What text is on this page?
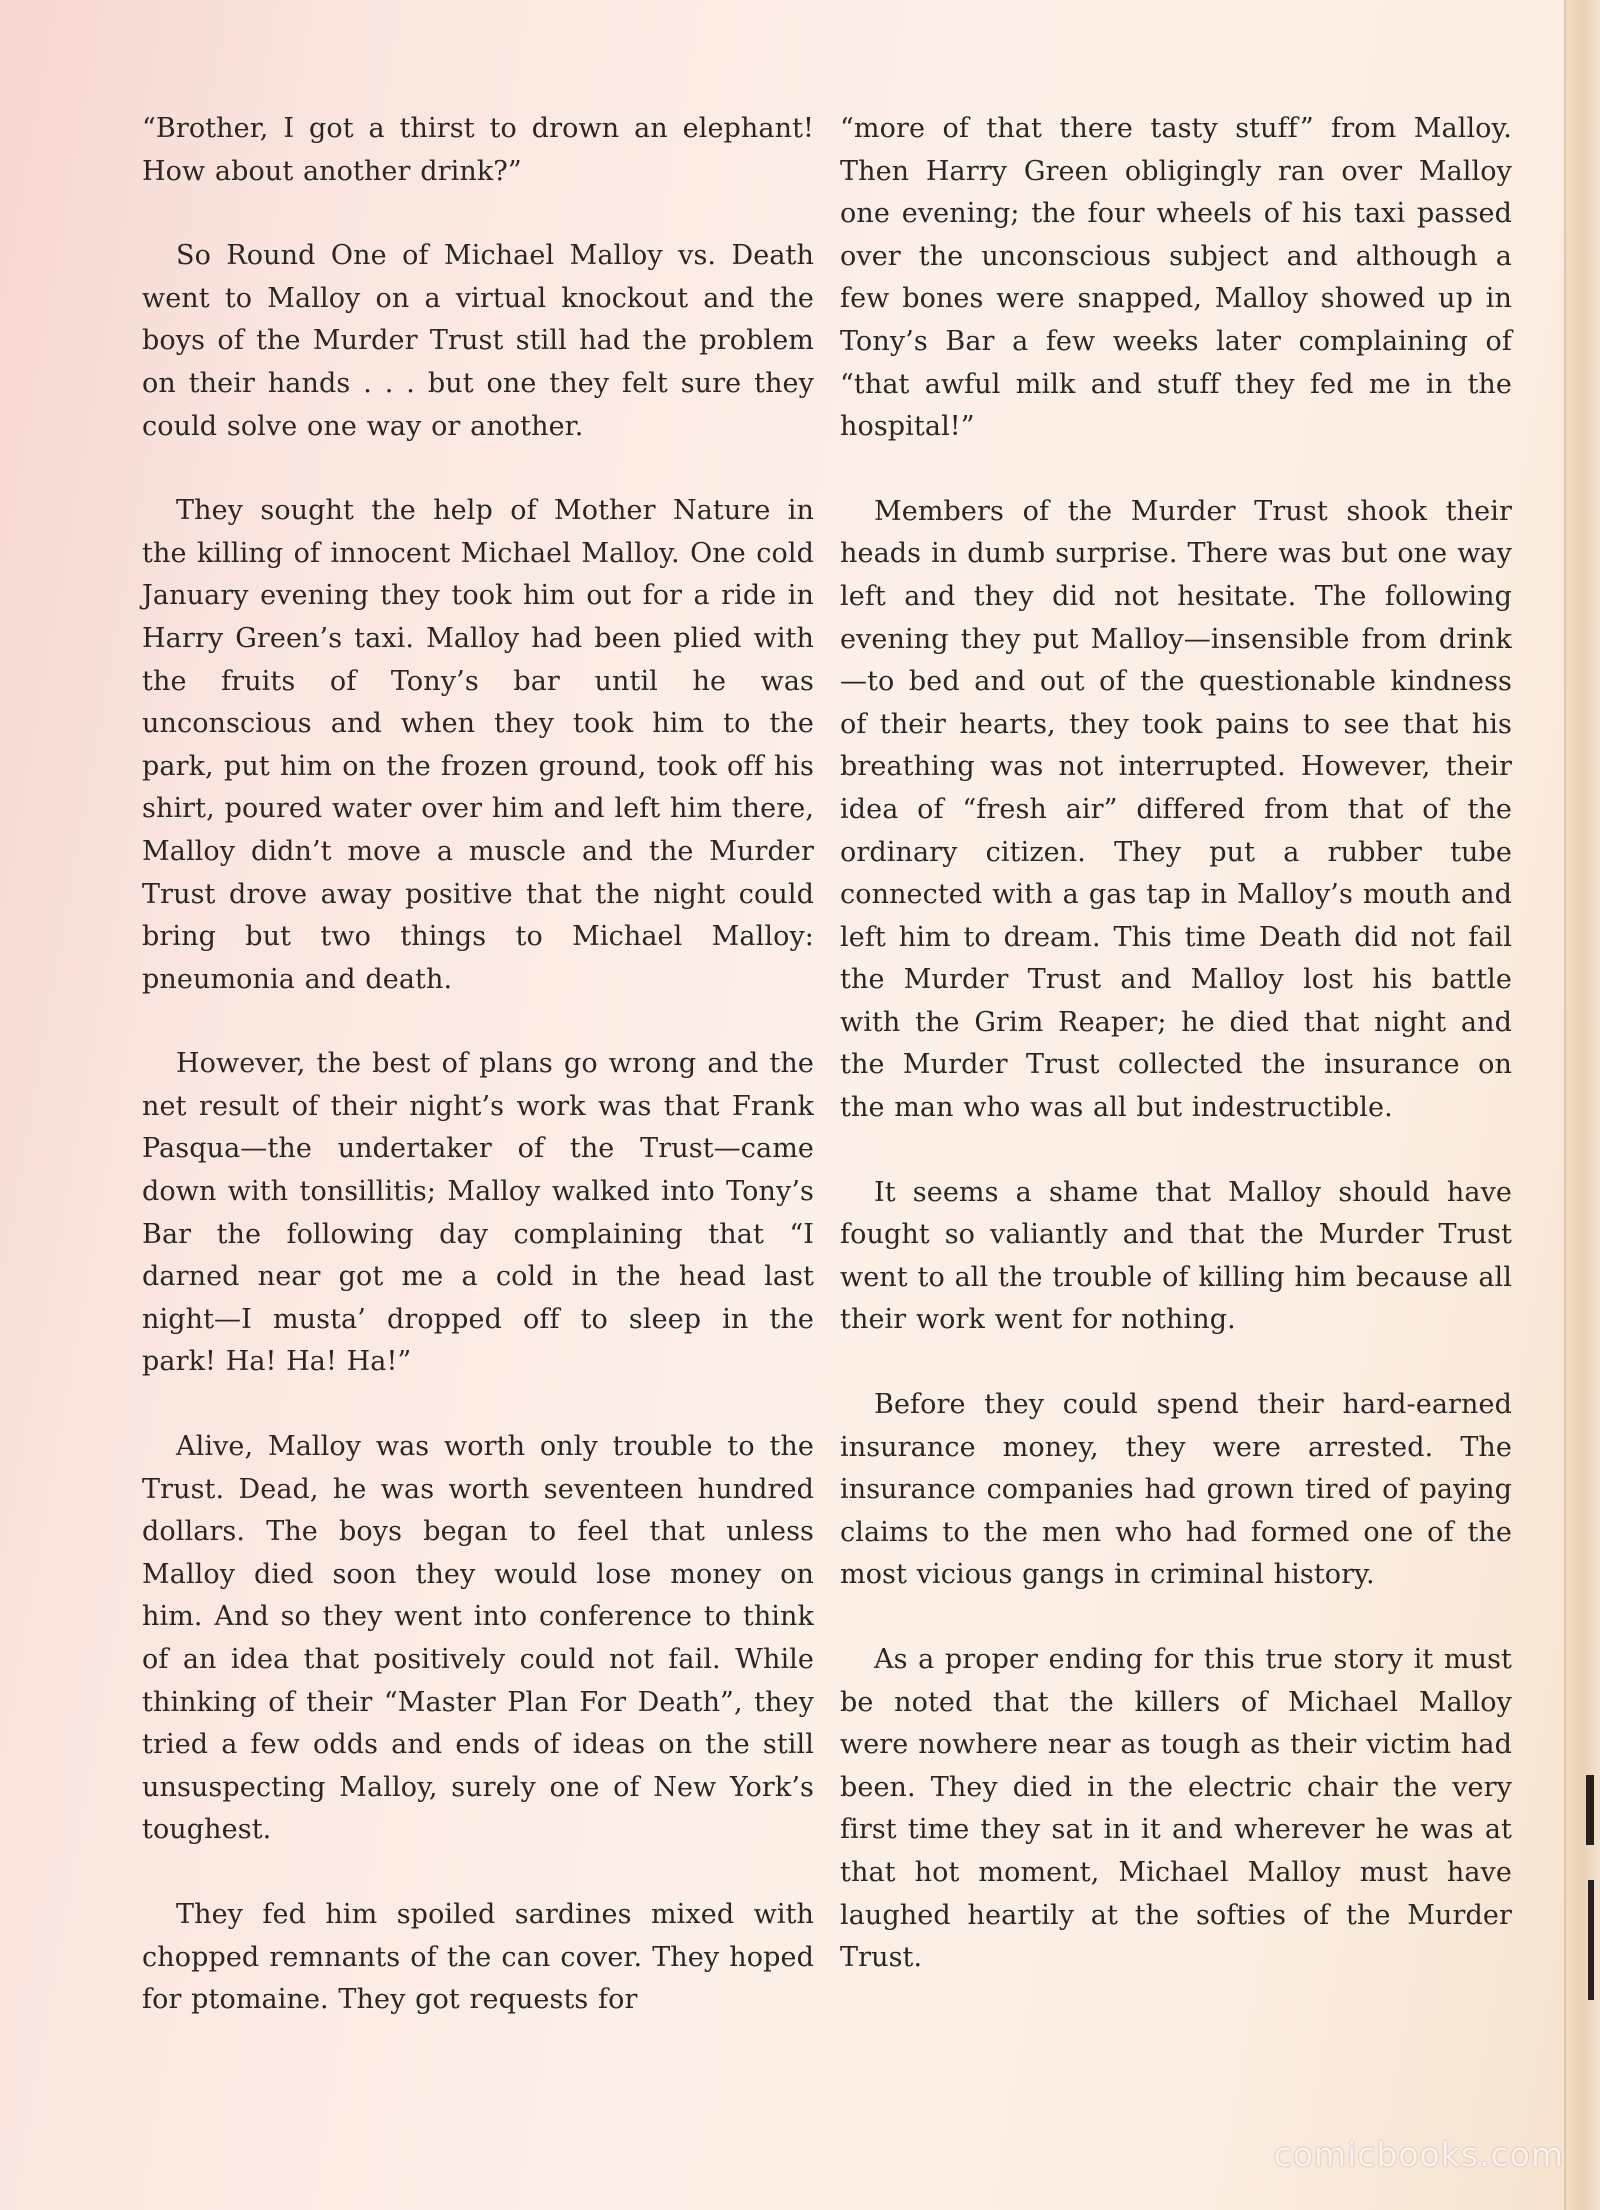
“Brother, I got a thirst to drown an elephant! How about another drink?”

So Round One of Michael Malloy vs. Death went to Malloy on a virtual knockout and the boys of the Murder Trust still had the problem on their hands . . . but one they felt sure they could solve one way or another.

They sought the help of Mother Nature in the killing of innocent Michael Malloy. One cold January evening they took him out for a ride in Harry Green’s taxi. Malloy had been plied with the fruits of Tony’s bar until he was unconscious and when they took him to the park, put him on the frozen ground, took off his shirt, poured water over him and left him there, Malloy didn’t move a muscle and the Murder Trust drove away positive that the night could bring but two things to Michael Malloy: pneumonia and death.

However, the best of plans go wrong and the net result of their night’s work was that Frank Pasqua—the undertaker of the Trust—came down with tonsillitis; Malloy walked into Tony’s Bar the following day complaining that “I darned near got me a cold in the head last night—I musta’ dropped off to sleep in the park! Ha! Ha! Ha!”

Alive, Malloy was worth only trouble to the Trust. Dead, he was worth seventeen hundred dollars. The boys began to feel that unless Malloy died soon they would lose money on him. And so they went into conference to think of an idea that positively could not fail. While thinking of their “Master Plan For Death”, they tried a few odds and ends of ideas on the still unsuspecting Malloy, surely one of New York’s toughest.

They fed him spoiled sardines mixed with chopped remnants of the can cover. They hoped for ptomaine. They got requests for

“more of that there tasty stuff” from Malloy. Then Harry Green obligingly ran over Malloy one evening; the four wheels of his taxi passed over the unconscious subject and although a few bones were snapped, Malloy showed up in Tony’s Bar a few weeks later complaining of “that awful milk and stuff they fed me in the hospital!”

Members of the Murder Trust shook their heads in dumb surprise. There was but one way left and they did not hesitate. The following evening they put Malloy—insensible from drink—to bed and out of the questionable kindness of their hearts, they took pains to see that his breathing was not interrupted. However, their idea of “fresh air” differed from that of the ordinary citizen. They put a rubber tube connected with a gas tap in Malloy’s mouth and left him to dream. This time Death did not fail the Murder Trust and Malloy lost his battle with the Grim Reaper; he died that night and the Murder Trust collected the insurance on the man who was all but indestructible.

It seems a shame that Malloy should have fought so valiantly and that the Murder Trust went to all the trouble of killing him because all their work went for nothing.

Before they could spend their hard-earned insurance money, they were arrested. The insurance companies had grown tired of paying claims to the men who had formed one of the most vicious gangs in criminal history.

As a proper ending for this true story it must be noted that the killers of Michael Malloy were nowhere near as tough as their victim had been. They died in the electric chair the very first time they sat in it and wherever he was at that hot moment, Michael Malloy must have laughed heartily at the softies of the Murder Trust.

comicbooks.com
